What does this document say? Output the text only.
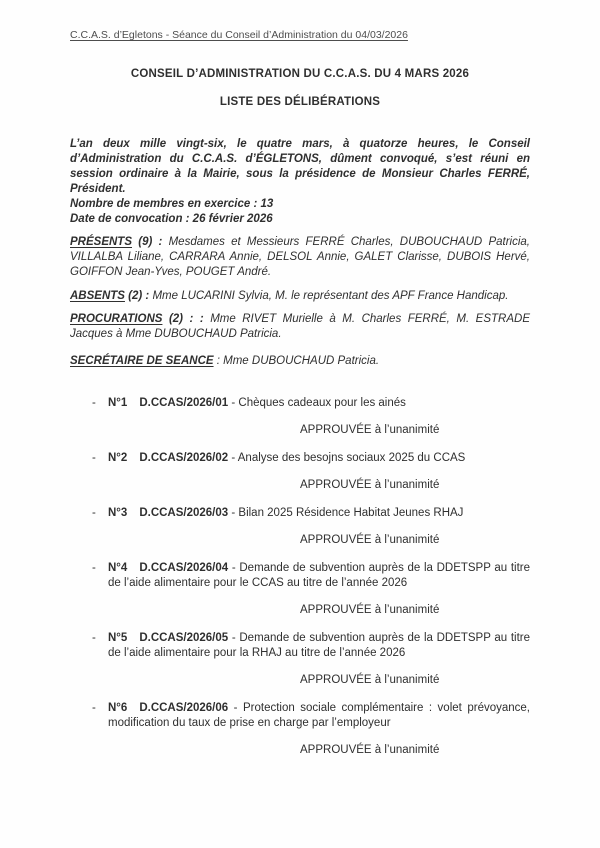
C.C.A.S. d’Egletons - Séance du Conseil d’Administration du 04/03/2026
CONSEIL D’ADMINISTRATION DU C.C.A.S. DU 4 MARS 2026
LISTE DES DÉLIBÉRATIONS
L’an deux mille vingt-six, le quatre mars, à quatorze heures, le Conseil d’Administration du C.C.A.S. d’ÉGLETONS, dûment convoqué, s’est réuni en session ordinaire à la Mairie, sous la présidence de Monsieur Charles FERRÉ, Président.
Nombre de membres en exercice : 13
Date de convocation : 26 février 2026

PRÉSENTS (9) : Mesdames et Messieurs FERRÉ Charles, DUBOUCHAUD Patricia, VILLALBA Liliane, CARRARA Annie, DELSOL Annie, GALET Clarisse, DUBOIS Hervé, GOIFFON Jean-Yves, POUGET André.

ABSENTS (2) : Mme LUCARINI Sylvia, M. le représentant des APF France Handicap.

PROCURATIONS (2) : : Mme RIVET Murielle à M. Charles FERRÉ, M. ESTRADE Jacques à Mme DUBOUCHAUD Patricia.

SECRÉTAIRE DE SEANCE : Mme DUBOUCHAUD Patricia.

-	N°1 D.CCAS/2026/01 - Chèques cadeaux pour les ainés
APPROUVÉE à l’unanimité
-	N°2 D.CCAS/2026/02 - Analyse des besojns sociaux 2025 du CCAS
APPROUVÉE à l’unanimité
-	N°3 D.CCAS/2026/03 - Bilan 2025 Résidence Habitat Jeunes RHAJ
APPROUVÉE à l’unanimité
-	N°4 D.CCAS/2026/04 - Demande de subvention auprès de la DDETSPP au titre de l’aide alimentaire pour le CCAS au titre de l’année 2026
APPROUVÉE à l’unanimité
-	N°5 D.CCAS/2026/05 - Demande de subvention auprès de la DDETSPP au titre de l’aide alimentaire pour la RHAJ au titre de l’année 2026
APPROUVÉE à l’unanimité
-	N°6 D.CCAS/2026/06 - Protection sociale complémentaire : volet prévoyance, modification du taux de prise en charge par l’employeur
APPROUVÉE à l’unanimité
